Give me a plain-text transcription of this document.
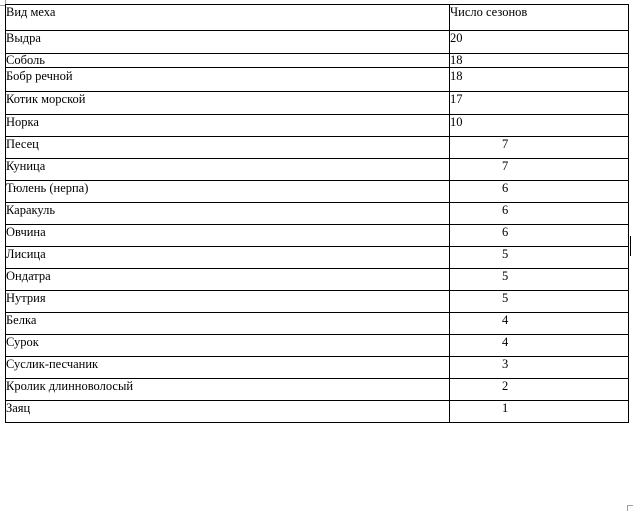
Вид меха	Число сезонов
Выдра	20
Соболь	18
Бобр речной	18
Котик морской	17
Норка	10
Песец	7
Куница	7
Тюлень (нерпа)	6
Каракуль	6
Овчина	6
Лисица	5
Ондатра	5
Нутрия	5
Белка	4
Сурок	4
Суслик-песчаник	3
Кролик длинноволосый	2
Заяц	1
